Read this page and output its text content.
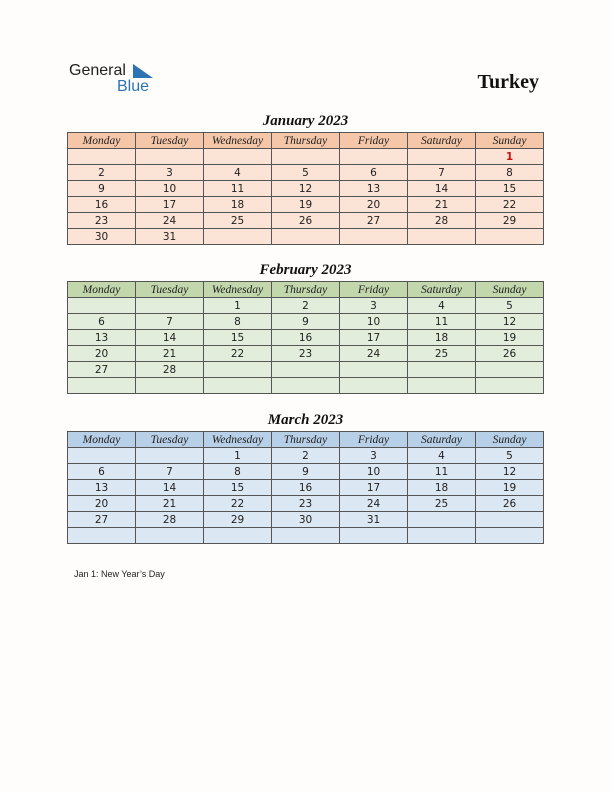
General
Blue	Turkey
January 2023
Monday	Tuesday	Wednesday	Thursday	Friday	Saturday	Sunday
						1
2	3	4	5	6	7	8
9	10	11	12	13	14	15
16	17	18	19	20	21	22
23	24	25	26	27	28	29
30	31					
February 2023
Monday	Tuesday	Wednesday	Thursday	Friday	Saturday	Sunday
		1	2	3	4	5
6	7	8	9	10	11	12
13	14	15	16	17	18	19
20	21	22	23	24	25	26
27	28					

March 2023
Monday	Tuesday	Wednesday	Thursday	Friday	Saturday	Sunday
		1	2	3	4	5
6	7	8	9	10	11	12
13	14	15	16	17	18	19
20	21	22	23	24	25	26
27	28	29	30	31		

Jan 1: New Year’s Day
